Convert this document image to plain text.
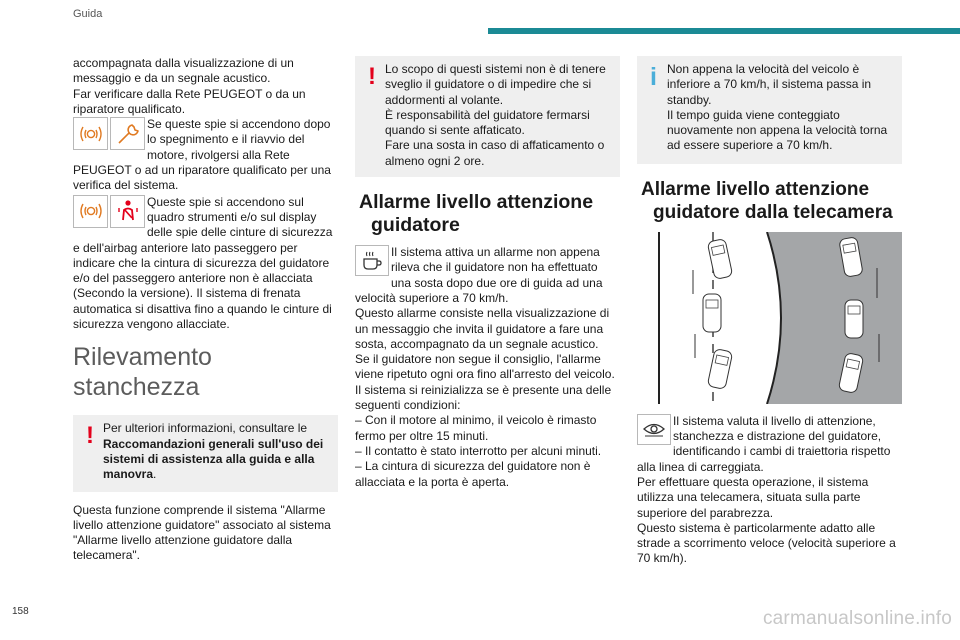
Guida

accompagnata dalla visualizzazione di un

messaggio e da un segnale acustico.

Far verificare dalla Rete PEUGEOT o da un

riparatore qualificato.

Se queste spie si accendono dopo lo spegnimento e il riavvio del motore, rivolgersi alla Rete PEUGEOT o ad un riparatore qualificato per una verifica del sistema.

Queste spie si accendono sul quadro strumenti e/o sul display delle spie delle cinture di sicurezza e dell'airbag anteriore lato passeggero per indicare che la cintura di sicurezza del guidatore e/o del passeggero anteriore non è allacciata (Secondo la versione). Il sistema di frenata automatica si disattiva fino a quando le cinture di sicurezza vengono allacciate.

Rilevamento stanchezza
! Per ulteriori informazioni, consultare le Raccomandazioni generali sull'uso dei sistemi di assistenza alla guida e alla manovra.

Questa funzione comprende il sistema "Allarme livello attenzione guidatore" associato al sistema "Allarme livello attenzione guidatore dalla telecamera".

! Lo scopo di questi sistemi non è di tenere sveglio il guidatore o di impedire che si addormenti al volante.

È responsabilità del guidatore fermarsi quando si sente affaticato.

Fare una sosta in caso di affaticamento o almeno ogni 2 ore.

Allarme livello attenzione
guidatore

Il sistema attiva un allarme non appena rileva che il guidatore non ha effettuato una sosta dopo due ore di guida ad una velocità superiore a 70 km/h.

Questo allarme consiste nella visualizzazione di un messaggio che invita il guidatore a fare una sosta, accompagnato da un segnale acustico.

Se il guidatore non segue il consiglio, l'allarme viene ripetuto ogni ora fino all'arresto del veicolo.

Il sistema si reinizializza se è presente una delle seguenti condizioni:

– Con il motore al minimo, il veicolo è rimasto fermo per oltre 15 minuti.

– Il contatto è stato interrotto per alcuni minuti.

– La cintura di sicurezza del guidatore non è allacciata e la porta è aperta.

i Non appena la velocità del veicolo è inferiore a 70 km/h, il sistema passa in standby.

Il tempo guida viene conteggiato nuovamente non appena la velocità torna ad essere superiore a 70 km/h.

Allarme livello attenzione
guidatore dalla telecamera

Il sistema valuta il livello di attenzione, stanchezza e distrazione del guidatore, identificando i cambi di traiettoria rispetto alla linea di carreggiata.

Per effettuare questa operazione, il sistema utilizza una telecamera, situata sulla parte superiore del parabrezza.

Questo sistema è particolarmente adatto alle strade a scorrimento veloce (velocità superiore a 70 km/h).

158	carmanualsonline.info
